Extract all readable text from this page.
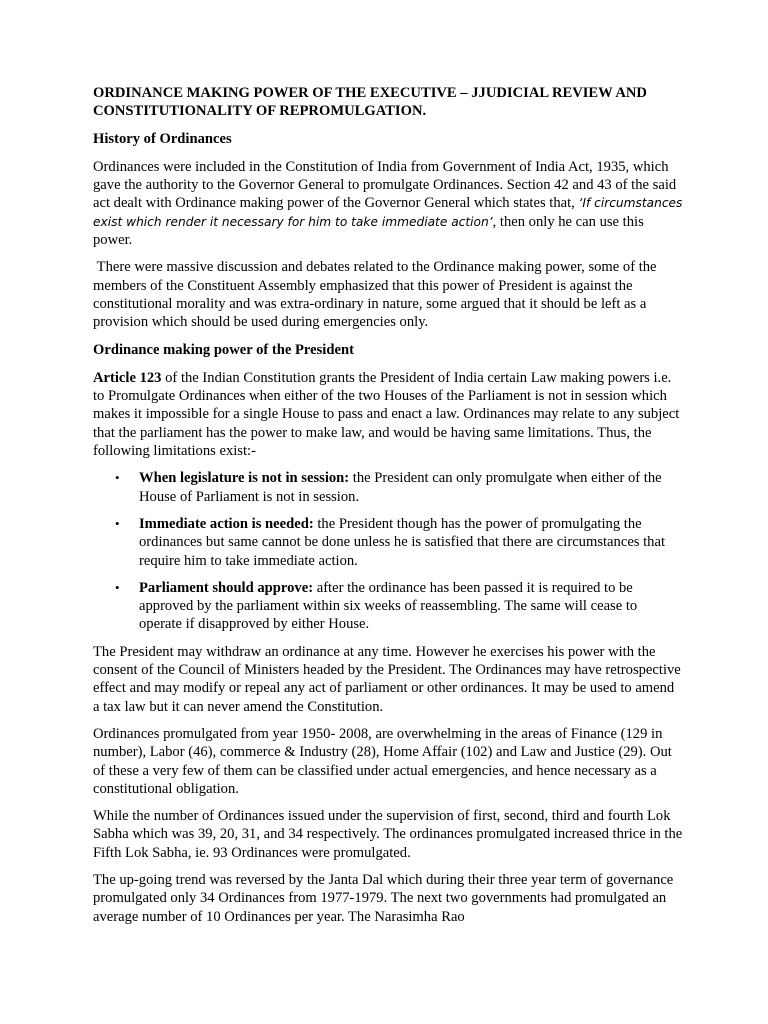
ORDINANCE MAKING POWER OF THE EXECUTIVE – JJUDICIAL REVIEW AND CONSTITUTIONALITY OF REPROMULGATION.

History of Ordinances

Ordinances were included in the Constitution of India from Government of India Act, 1935, which gave the authority to the Governor General to promulgate Ordinances. Section 42 and 43 of the said act dealt with Ordinance making power of the Governor General which states that, ‘If circumstances exist which render it necessary for him to take immediate action’, then only he can use this power.

There were massive discussion and debates related to the Ordinance making power, some of the members of the Constituent Assembly emphasized that this power of President is against the constitutional morality and was extra-ordinary in nature, some argued that it should be left as a provision which should be used during emergencies only.

Ordinance making power of the President

Article 123 of the Indian Constitution grants the President of India certain Law making powers i.e. to Promulgate Ordinances when either of the two Houses of the Parliament is not in session which makes it impossible for a single House to pass and enact a law. Ordinances may relate to any subject that the parliament has the power to make law, and would be having same limitations. Thus, the following limitations exist:-

• When legislature is not in session: the President can only promulgate when either of the House of Parliament is not in session.
• Immediate action is needed: the President though has the power of promulgating the ordinances but same cannot be done unless he is satisfied that there are circumstances that require him to take immediate action.
• Parliament should approve: after the ordinance has been passed it is required to be approved by the parliament within six weeks of reassembling. The same will cease to operate if disapproved by either House.

The President may withdraw an ordinance at any time. However he exercises his power with the consent of the Council of Ministers headed by the President. The Ordinances may have retrospective effect and may modify or repeal any act of parliament or other ordinances. It may be used to amend a tax law but it can never amend the Constitution.

Ordinances promulgated from year 1950- 2008, are overwhelming in the areas of Finance (129 in number), Labor (46), commerce & Industry (28), Home Affair (102) and Law and Justice (29). Out of these a very few of them can be classified under actual emergencies, and hence necessary as a constitutional obligation.

While the number of Ordinances issued under the supervision of first, second, third and fourth Lok Sabha which was 39, 20, 31, and 34 respectively. The ordinances promulgated increased thrice in the Fifth Lok Sabha, ie. 93 Ordinances were promulgated.

The up-going trend was reversed by the Janta Dal which during their three year term of governance promulgated only 34 Ordinances from 1977-1979. The next two governments had promulgated an average number of 10 Ordinances per year. The Narasimha Rao
